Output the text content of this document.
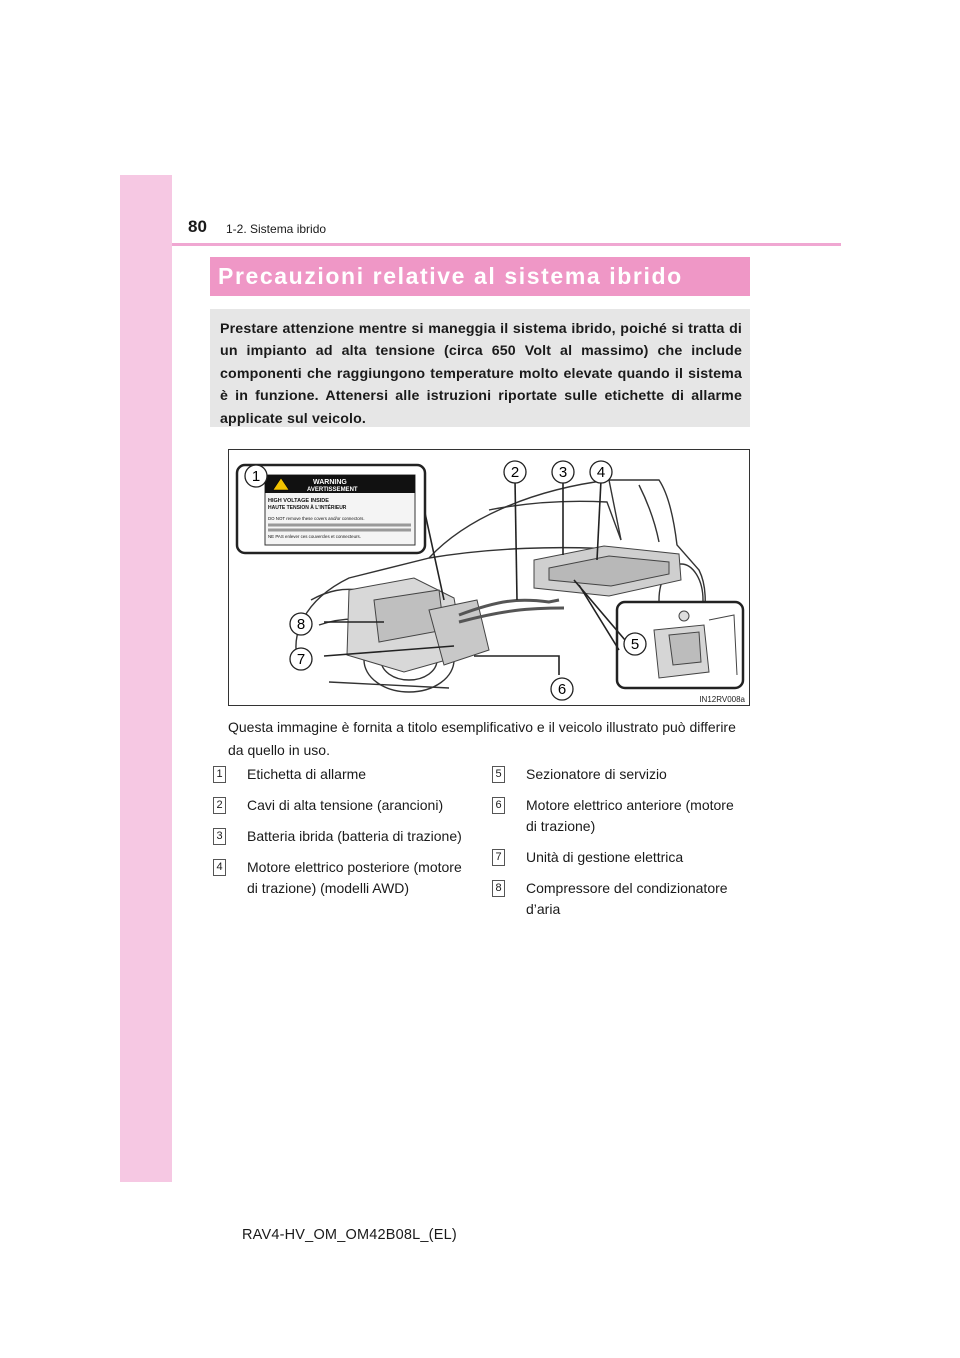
80 1-2. Sistema ibrido
Precauzioni relative al sistema ibrido

Prestare attenzione mentre si maneggia il sistema ibrido, poiché si tratta di un impianto ad alta tensione (circa 650 Volt al massimo) che include componenti che raggiungono temperature molto elevate quando il sistema è in funzione. Attenersi alle istruzioni riportate sulle etichette di allarme applicate sul veicolo.

WARNING
AVERTISSEMENT
HIGH VOLTAGE INSIDE
HAUTE TENSION À L'INTÉRIEUR
DO NOT remove these covers and/or connectors.
NE PAS enlever ces couvercles et connecteurs.
1	2	3 4
5
6
7
8
IN12RV008a

Questa immagine è fornita a titolo esemplificativo e il veicolo illustrato può differire da quello in uso.

1 Etichetta di allarme
2 Cavi di alta tensione (arancioni)
3 Batteria ibrida (batteria di trazione)
4 Motore elettrico posteriore (motore di trazione) (modelli AWD)
5 Sezionatore di servizio
6 Motore elettrico anteriore (motore di trazione)
7 Unità di gestione elettrica
8 Compressore del condizionatore d’aria
RAV4-HV_OM_OM42B08L_(EL)
